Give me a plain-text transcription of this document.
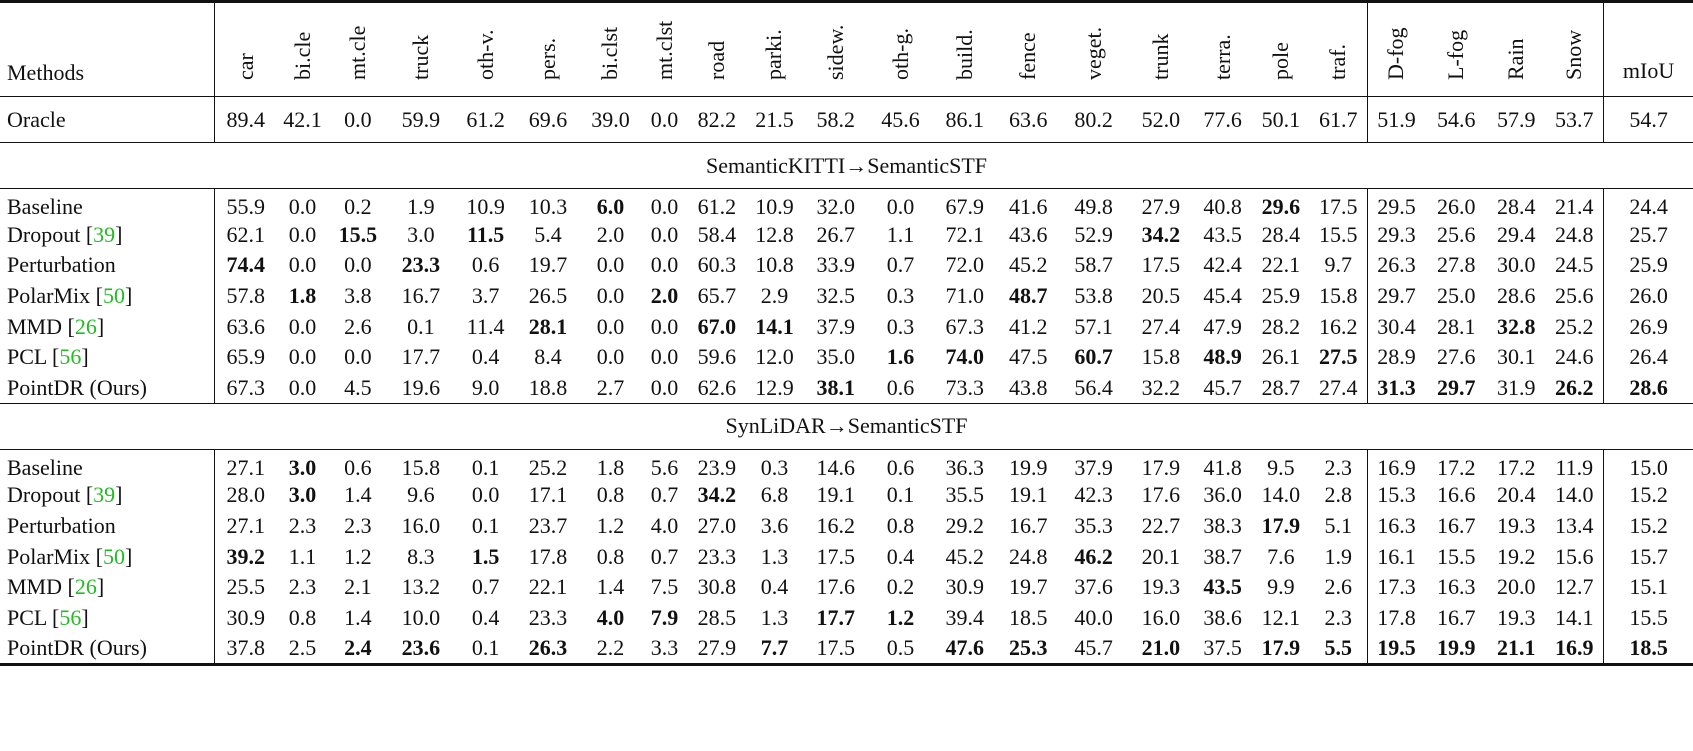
Methods	car	bi.cle	mt.cle	truck	oth-v.	pers.	bi.clst	mt.clst	road	parki.	sidew.	oth-g.	build.	fence	veget.	trunk	terra.	pole	traf.	D-fog	L-fog	Rain	Snow	mIoU
Oracle	89.4	42.1	0.0	59.9	61.2	69.6	39.0	0.0	82.2	21.5	58.2	45.6	86.1	63.6	80.2	52.0	77.6	50.1	61.7	51.9	54.6	57.9	53.7	54.7
SemanticKITTI→SemanticSTF																								
Baseline	55.9	0.0	0.2	1.9	10.9	10.3	6.0	0.0	61.2	10.9	32.0	0.0	67.9	41.6	49.8	27.9	40.8	29.6	17.5	29.5	26.0	28.4	21.4	24.4
Dropout [39]	62.1	0.0	15.5	3.0	11.5	5.4	2.0	0.0	58.4	12.8	26.7	1.1	72.1	43.6	52.9	34.2	43.5	28.4	15.5	29.3	25.6	29.4	24.8	25.7
Perturbation	74.4	0.0	0.0	23.3	0.6	19.7	0.0	0.0	60.3	10.8	33.9	0.7	72.0	45.2	58.7	17.5	42.4	22.1	9.7	26.3	27.8	30.0	24.5	25.9
PolarMix [50]	57.8	1.8	3.8	16.7	3.7	26.5	0.0	2.0	65.7	2.9	32.5	0.3	71.0	48.7	53.8	20.5	45.4	25.9	15.8	29.7	25.0	28.6	25.6	26.0
MMD [26]	63.6	0.0	2.6	0.1	11.4	28.1	0.0	0.0	67.0	14.1	37.9	0.3	67.3	41.2	57.1	27.4	47.9	28.2	16.2	30.4	28.1	32.8	25.2	26.9
PCL [56]	65.9	0.0	0.0	17.7	0.4	8.4	0.0	0.0	59.6	12.0	35.0	1.6	74.0	47.5	60.7	15.8	48.9	26.1	27.5	28.9	27.6	30.1	24.6	26.4
PointDR (Ours)	67.3	0.0	4.5	19.6	9.0	18.8	2.7	0.0	62.6	12.9	38.1	0.6	73.3	43.8	56.4	32.2	45.7	28.7	27.4	31.3	29.7	31.9	26.2	28.6
SynLiDAR→SemanticSTF																								
Baseline	27.1	3.0	0.6	15.8	0.1	25.2	1.8	5.6	23.9	0.3	14.6	0.6	36.3	19.9	37.9	17.9	41.8	9.5	2.3	16.9	17.2	17.2	11.9	15.0
Dropout [39]	28.0	3.0	1.4	9.6	0.0	17.1	0.8	0.7	34.2	6.8	19.1	0.1	35.5	19.1	42.3	17.6	36.0	14.0	2.8	15.3	16.6	20.4	14.0	15.2
Perturbation	27.1	2.3	2.3	16.0	0.1	23.7	1.2	4.0	27.0	3.6	16.2	0.8	29.2	16.7	35.3	22.7	38.3	17.9	5.1	16.3	16.7	19.3	13.4	15.2
PolarMix [50]	39.2	1.1	1.2	8.3	1.5	17.8	0.8	0.7	23.3	1.3	17.5	0.4	45.2	24.8	46.2	20.1	38.7	7.6	1.9	16.1	15.5	19.2	15.6	15.7
MMD [26]	25.5	2.3	2.1	13.2	0.7	22.1	1.4	7.5	30.8	0.4	17.6	0.2	30.9	19.7	37.6	19.3	43.5	9.9	2.6	17.3	16.3	20.0	12.7	15.1
PCL [56]	30.9	0.8	1.4	10.0	0.4	23.3	4.0	7.9	28.5	1.3	17.7	1.2	39.4	18.5	40.0	16.0	38.6	12.1	2.3	17.8	16.7	19.3	14.1	15.5
PointDR (Ours)	37.8	2.5	2.4	23.6	0.1	26.3	2.2	3.3	27.9	7.7	17.5	0.5	47.6	25.3	45.7	21.0	37.5	17.9	5.5	19.5	19.9	21.1	16.9	18.5
